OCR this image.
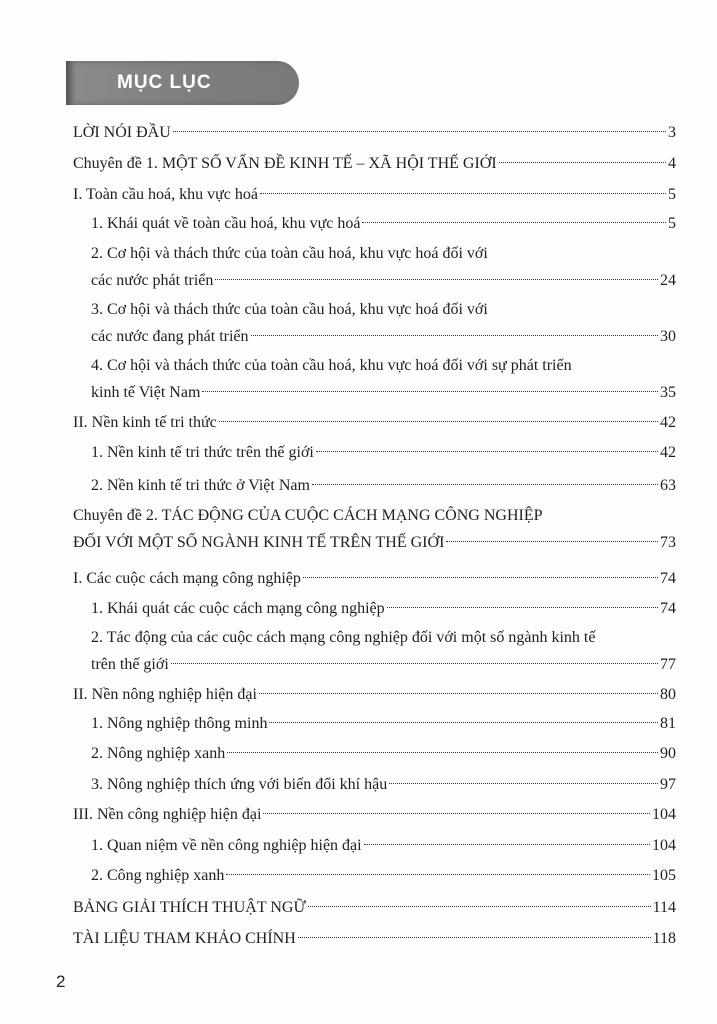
MỤC LỤC
LỜI NÓI ĐẦU	3
Chuyên đề 1. MỘT SỐ VẤN ĐỀ KINH TẾ – XÃ HỘI THẾ GIỚI	4
I. Toàn cầu hoá, khu vực hoá	5
1. Khái quát về toàn cầu hoá, khu vực hoá	5
2. Cơ hội và thách thức của toàn cầu hoá, khu vực hoá đối với
các nước phát triển	24
3. Cơ hội và thách thức của toàn cầu hoá, khu vực hoá đối với
các nước đang phát triển	30
4. Cơ hội và thách thức của toàn cầu hoá, khu vực hoá đối với sự phát triển
kinh tế Việt Nam	35
II. Nền kinh tế tri thức	42
1. Nền kinh tế tri thức trên thế giới	42
2. Nền kinh tế tri thức ở Việt Nam	63
Chuyên đề 2. TÁC ĐỘNG CỦA CUỘC CÁCH MẠNG CÔNG NGHIỆP
ĐỐI VỚI MỘT SỐ NGÀNH KINH TẾ TRÊN THẾ GIỚI	73
I. Các cuộc cách mạng công nghiệp	74
1. Khái quát các cuộc cách mạng công nghiệp	74
2. Tác động của các cuộc cách mạng công nghiệp đối với một số ngành kinh tế
trên thế giới	77
II. Nền nông nghiệp hiện đại	80
1. Nông nghiệp thông minh	81
2. Nông nghiệp xanh	90
3. Nông nghiệp thích ứng với biến đổi khí hậu	97
III. Nền công nghiệp hiện đại	104
1. Quan niệm về nền công nghiệp hiện đại	104
2. Công nghiệp xanh	105
BẢNG GIẢI THÍCH THUẬT NGỮ	114
TÀI LIỆU THAM KHẢO CHÍNH	118
2
